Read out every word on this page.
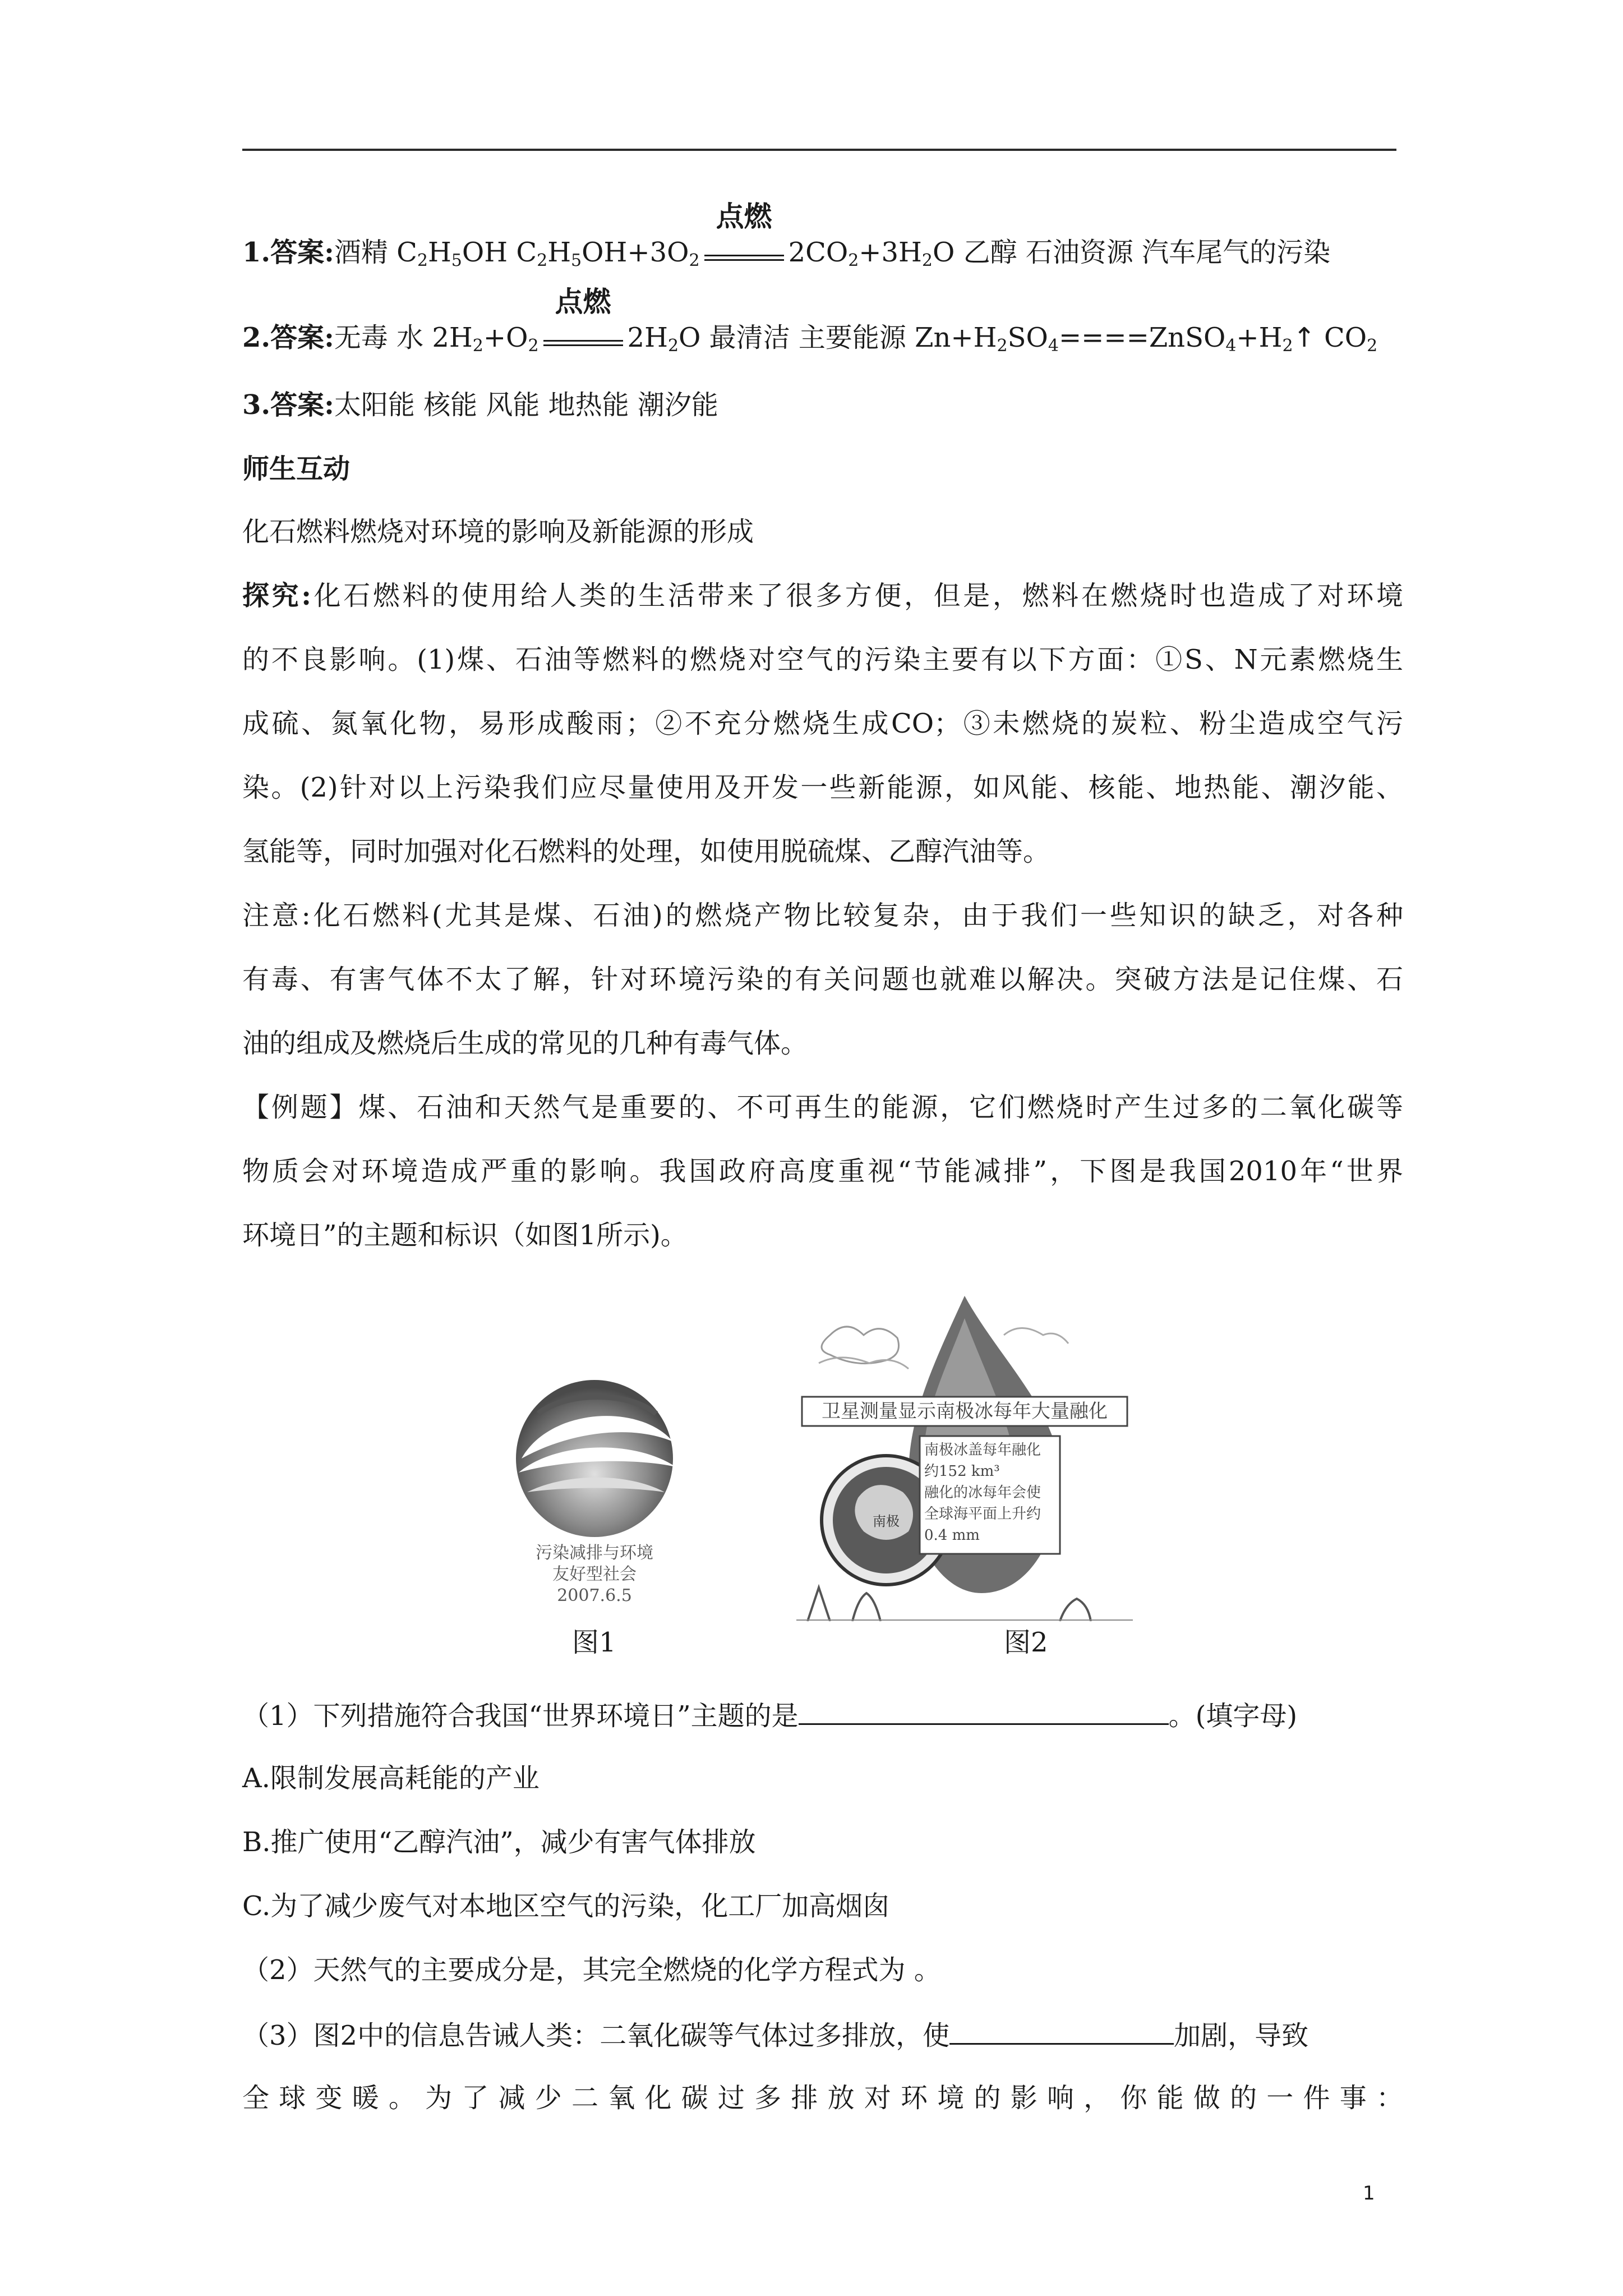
1.答案:酒精 $C_2H_5OH$ $C_2H_5OH+3O_2$
点燃
$2CO_2+3H_2O$ 乙醇 石油资源 汽车尾气的污染
2.答案:无毒 水 $2H_2+O_2$
点燃
$2H_2O$ 最清洁 主要能源 $Zn+H_2SO_4====ZnSO_4+H_2↑$ $CO_2$
3.答案:太阳能 核能 风能 地热能 潮汐能
师生互动
化石燃料燃烧对环境的影响及新能源的形成
探究:化石燃料的使用给人类的生活带来了很多方便，但是，燃料在燃烧时也造成了对环境
的不良影响。(1)煤、石油等燃料的燃烧对空气的污染主要有以下方面：①S、N元素燃烧生
成硫、氮氧化物，易形成酸雨；②不充分燃烧生成CO；③未燃烧的炭粒、粉尘造成空气污
染。(2)针对以上污染我们应尽量使用及开发一些新能源，如风能、核能、地热能、潮汐能、
氢能等，同时加强对化石燃料的处理，如使用脱硫煤、乙醇汽油等。
注意:化石燃料(尤其是煤、石油)的燃烧产物比较复杂，由于我们一些知识的缺乏，对各种
有毒、有害气体不太了解，针对环境污染的有关问题也就难以解决。突破方法是记住煤、石
油的组成及燃烧后生成的常见的几种有毒气体。
【例题】煤、石油和天然气是重要的、不可再生的能源，它们燃烧时产生过多的二氧化碳等
物质会对环境造成严重的影响。我国政府高度重视“节能减排”，下图是我国2010年“世界
环境日”的主题和标识（如图1所示)。
污染减排与环境
友好型社会
2007.6.5
图1
卫星测量显示南极冰每年大量融化
南极冰盖每年融化
约152 km³
融化的冰每年会使
全球海平面上升约
0.4 mm
南极
图2
（1）下列措施符合我国“世界环境日”主题的是	。(填字母)
A.限制发展高耗能的产业
B.推广使用“乙醇汽油”，减少有害气体排放
C.为了减少废气对本地区空气的污染，化工厂加高烟囱
（2）天然气的主要成分是，其完全燃烧的化学方程式为 。
（3）图2中的信息告诫人类：二氧化碳等气体过多排放，使	加剧，导致
全球变暖。为了减少二氧化碳过多排放对环境的影响，你能做的一件事：
1
